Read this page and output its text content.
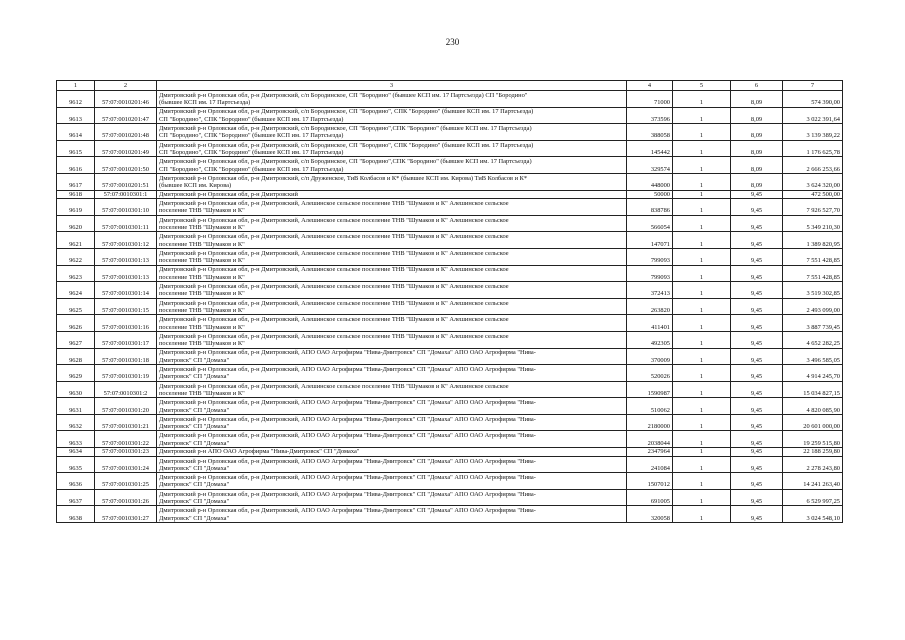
230
1	2	3	4	5	6	7
9612	57:07:0010201:46	Дмитровский р-н Орловская обл, р-н Дмитровский, с/п Бородинское, СП "Бородино" (бывшее КСП им. 17 Партсъезда) СП "Бородино"
(бывшее КСП им. 17 Партсъезда)	71000	1	8,09	574 390,00
9613	57:07:0010201:47	Дмитровский р-н Орловская обл, р-н Дмитровский, с/п Бородинское, СП "Бородино", СПК "Бородино" (бывшее КСП им. 17 Партсъезда)
СП "Бородино", СПК "Бородино" (бывшее КСП им. 17 Партсъезда)	373596	1	8,09	3 022 391,64
9614	57:07:0010201:48	Дмитровский р-н Орловская обл, р-н Дмитровский, с/п Бородинское, СП "Бородино",СПК "Бородино" (бывшее КСП им. 17 Партсъезда)
СП "Бородино", СПК "Бородино" (бывшее КСП им. 17 Партсъезда)	388058	1	8,09	3 139 389,22
9615	57:07:0010201:49	Дмитровский р-н Орловская обл, р-н Дмитровский, с/п Бородинское, СП "Бородино", СПК "Бородино" (бывшее КСП им. 17 Партсъезда)
СП "Бородино", СПК "Бородино" (бывшее КСП им. 17 Партсъезда)	145442	1	8,09	1 176 625,78
9616	57:07:0010201:50	Дмитровский р-н Орловская обл, р-н Дмитровский, с/п Бородинское, СП "Бородино",СПК "Бородино" (бывшее КСП им. 17 Партсъезда)
СП "Бородино", СПК "Бородино" (бывшее КСП им. 17 Партсъезда)	329574	1	8,09	2 666 253,66
9617	57:07:0010201:51	Дмитровский р-н Орловская обл, р-н Дмитровский, с/п Друженское, ТиВ Колбасов и К* (бывшее КСП им. Кирова) ТиВ Колбасов и К*
(бывшее КСП им. Кирова)	448000	1	8,09	3 624 320,00
9618	57:07:0010301:1	Дмитровский р-н Орловская обл, р-н Дмитровский	50000	1	9,45	472 500,00
9619	57:07:0010301:10	Дмитровский р-н Орловская обл, р-н Дмитровский, Алешинское сельское поселение ТНВ "Шумаков и К" Алешинское сельское
поселение ТНВ "Шумаков и К"	838786	1	9,45	7 926 527,70
9620	57:07:0010301:11	Дмитровский р-н Орловская обл, р-н Дмитровский, Алешинское сельское поселение ТНВ "Шумаков и К" Алешинское сельское
поселение ТНВ "Шумаков и К"	566054	1	9,45	5 349 210,30
9621	57:07:0010301:12	Дмитровский р-н Орловская обл, р-н Дмитровский, Алешинское сельское поселение ТНВ "Шумаков и К" Алешинское сельское
поселение ТНВ "Шумаков и К"	147071	1	9,45	1 389 820,95
9622	57:07:0010301:13	Дмитровский р-н Орловская обл, р-н Дмитровский, Алешинское сельское поселение ТНВ "Шумаков и К" Алешинское сельское
поселение ТНВ "Шумаков и К"	799093	1	9,45	7 551 428,85
9623	57:07:0010301:13	Дмитровский р-н Орловская обл, р-н Дмитровский, Алешинское сельское поселение ТНВ "Шумаков и К" Алешинское сельское
поселение ТНВ "Шумаков и К"	799093	1	9,45	7 551 428,85
9624	57:07:0010301:14	Дмитровский р-н Орловская обл, р-н Дмитровский, Алешинское сельское поселение ТНВ "Шумаков и К" Алешинское сельское
поселение ТНВ "Шумаков и К"	372413	1	9,45	3 519 302,85
9625	57:07:0010301:15	Дмитровский р-н Орловская обл, р-н Дмитровский, Алешинское сельское поселение ТНВ "Шумаков и К" Алешинское сельское
поселение ТНВ "Шумаков и К"	263820	1	9,45	2 493 099,00
9626	57:07:0010301:16	Дмитровский р-н Орловская обл, р-н Дмитровский, Алешинское сельское поселение ТНВ "Шумаков и К" Алешинское сельское
поселение ТНВ "Шумаков и К"	411401	1	9,45	3 887 739,45
9627	57:07:0010301:17	Дмитровский р-н Орловская обл, р-н Дмитровский, Алешинское сельское поселение ТНВ "Шумаков и К" Алешинское сельское
поселение ТНВ "Шумаков и К"	492305	1	9,45	4 652 282,25
9628	57:07:0010301:18	Дмитровский р-н Орловская обл, р-н Дмитровский, АПО ОАО Агрофирма "Нива-Дмитровск" СП "Домаха" АПО ОАО Агрофирма "Нива-
Дмитровск" СП "Домаха"	370009	1	9,45	3 496 585,05
9629	57:07:0010301:19	Дмитровский р-н Орловская обл, р-н Дмитровский, АПО ОАО Агрофирма "Нива-Дмитровск" СП "Домаха" АПО ОАО Агрофирма "Нива-
Дмитровск" СП "Домаха"	520026	1	9,45	4 914 245,70
9630	57:07:0010301:2	Дмитровский р-н Орловская обл, р-н Дмитровский, Алешинское сельское поселение ТНВ "Шумаков и К" Алешинское сельское
поселение ТНВ "Шумаков и К"	1590987	1	9,45	15 034 827,15
9631	57:07:0010301:20	Дмитровский р-н Орловская обл, р-н Дмитровский, АПО ОАО Агрофирма "Нива-Дмитровск" СП "Домаха" АПО ОАО Агрофирма "Нива-
Дмитровск" СП "Домаха"	510062	1	9,45	4 820 085,90
9632	57:07:0010301:21	Дмитровский р-н Орловская обл, р-н Дмитровский, АПО ОАО Агрофирма "Нива-Дмитровск" СП "Домаха" АПО ОАО Агрофирма "Нива-
Дмитровск" СП "Домаха"	2180000	1	9,45	20 601 000,00
9633	57:07:0010301:22	Дмитровский р-н Орловская обл, р-н Дмитровский, АПО ОАО Агрофирма "Нива-Дмитровск" СП "Домаха" АПО ОАО Агрофирма "Нива-
Дмитровск" СП "Домаха"	2038044	1	9,45	19 259 515,80
9634	57:07:0010301:23	Дмитровский р-н АПО ОАО Агрофирма "Нива-Дмитровск" СП "Домаха"	2347964	1	9,45	22 188 259,80
9635	57:07:0010301:24	Дмитровский р-н Орловская обл, р-н Дмитровский, АПО ОАО Агрофирма "Нива-Дмитровск" СП "Домаха" АПО ОАО Агрофирма "Нива-
Дмитровск" СП "Домаха"	241084	1	9,45	2 278 243,80
9636	57:07:0010301:25	Дмитровский р-н Орловская обл, р-н Дмитровский, АПО ОАО Агрофирма "Нива-Дмитровск" СП "Домаха" АПО ОАО Агрофирма "Нива-
Дмитровск" СП "Домаха"	1507012	1	9,45	14 241 263,40
9637	57:07:0010301:26	Дмитровский р-н Орловская обл, р-н Дмитровский, АПО ОАО Агрофирма "Нива-Дмитровск" СП "Домаха" АПО ОАО Агрофирма "Нива-
Дмитровск" СП "Домаха"	691005	1	9,45	6 529 997,25
9638	57:07:0010301:27	Дмитровский р-н Орловская обл, р-н Дмитровский, АПО ОАО Агрофирма "Нива-Дмитровск" СП "Домаха" АПО ОАО Агрофирма "Нива-
Дмитровск" СП "Домаха"	320058	1	9,45	3 024 548,10
